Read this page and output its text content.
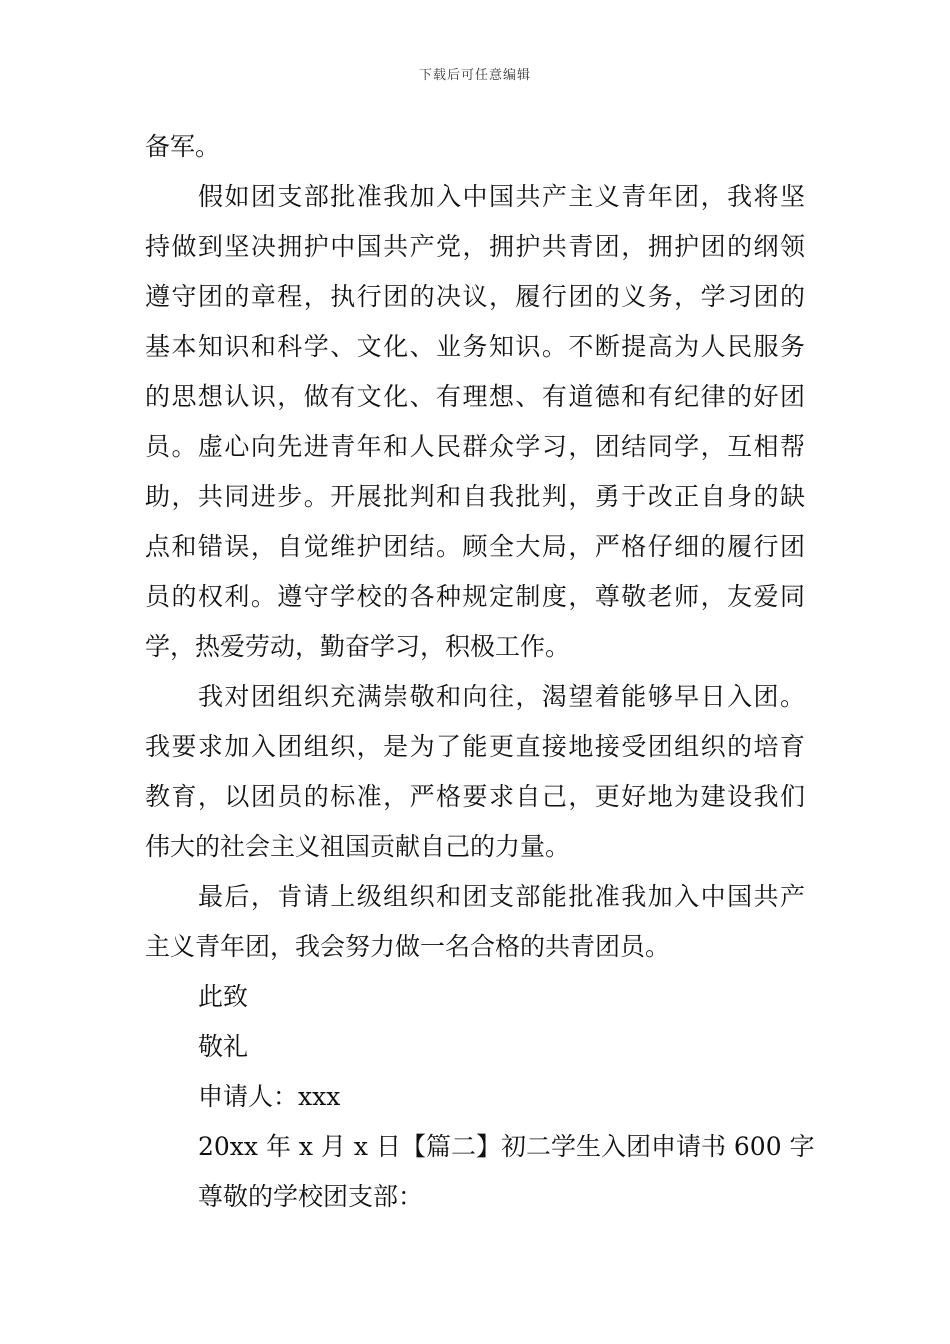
下载后可任意编辑
备军。
假如团支部批准我加入中国共产主义青年团，我将坚
持做到坚决拥护中国共产党，拥护共青团，拥护团的纲领
遵守团的章程，执行团的决议，履行团的义务，学习团的
基本知识和科学、文化、业务知识。不断提高为人民服务
的思想认识，做有文化、有理想、有道德和有纪律的好团
员。虚心向先进青年和人民群众学习，团结同学，互相帮
助，共同进步。开展批判和自我批判，勇于改正自身的缺
点和错误，自觉维护团结。顾全大局，严格仔细的履行团
员的权利。遵守学校的各种规定制度，尊敬老师，友爱同
学，热爱劳动，勤奋学习，积极工作。
我对团组织充满崇敬和向往，渴望着能够早日入团。
我要求加入团组织，是为了能更直接地接受团组织的培育
教育，以团员的标准，严格要求自己，更好地为建设我们
伟大的社会主义祖国贡献自己的力量。
最后，肯请上级组织和团支部能批准我加入中国共产
主义青年团，我会努力做一名合格的共青团员。
此致
敬礼
申请人：xxx
20xx 年 x 月 x 日【篇二】初二学生入团申请书 600 字
尊敬的学校团支部：
